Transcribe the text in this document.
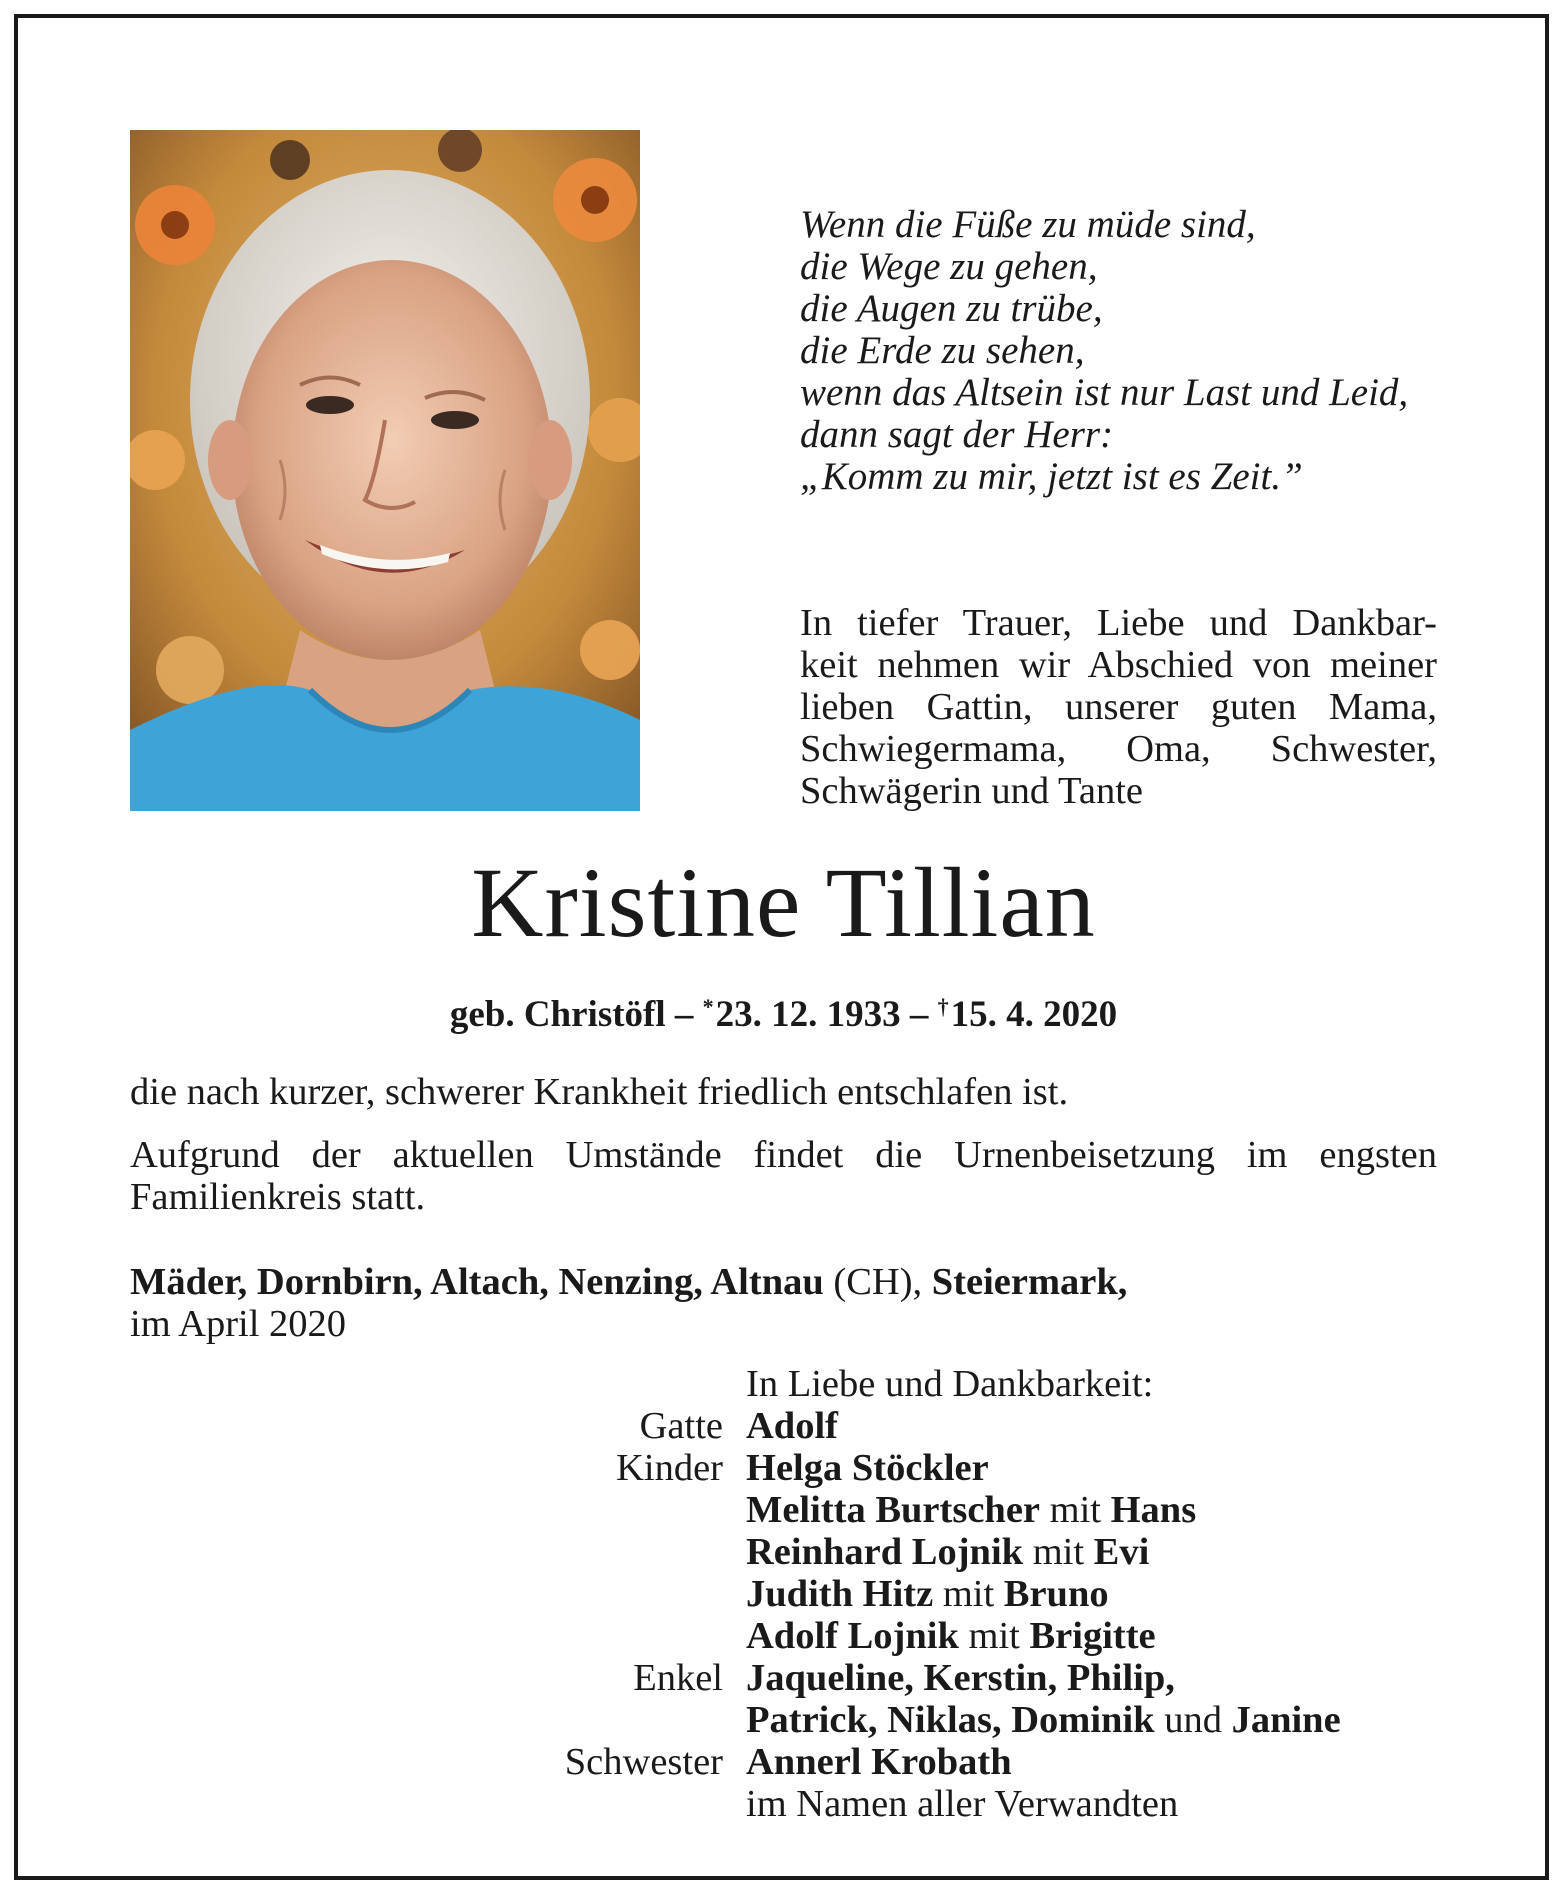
Wenn die Füße zu müde sind,
die Wege zu gehen,
die Augen zu trübe,
die Erde zu sehen,
wenn das Altsein ist nur Last und Leid,
dann sagt der Herr:
„Komm zu mir, jetzt ist es Zeit.”
In tiefer Trauer, Liebe und Dankbar-
keit nehmen wir Abschied von meiner
lieben Gattin, unserer guten Mama,
Schwiegermama, Oma, Schwester,
Schwägerin und Tante
Kristine Tillian
geb. Christöfl – *23. 12. 1933 – †15. 4. 2020
die nach kurzer, schwerer Krankheit friedlich entschlafen ist.
Aufgrund der aktuellen Umstände findet die Urnenbeisetzung im engsten
Familienkreis statt.
Mäder, Dornbirn, Altach, Nenzing, Altnau (CH), Steiermark,
im April 2020
In Liebe und Dankbarkeit:
Gatte Adolf
Kinder Helga Stöckler
Melitta Burtscher mit Hans
Reinhard Lojnik mit Evi
Judith Hitz mit Bruno
Adolf Lojnik mit Brigitte
Enkel Jaqueline, Kerstin, Philip,
Patrick, Niklas, Dominik und Janine
Schwester Annerl Krobath
im Namen aller Verwandten
